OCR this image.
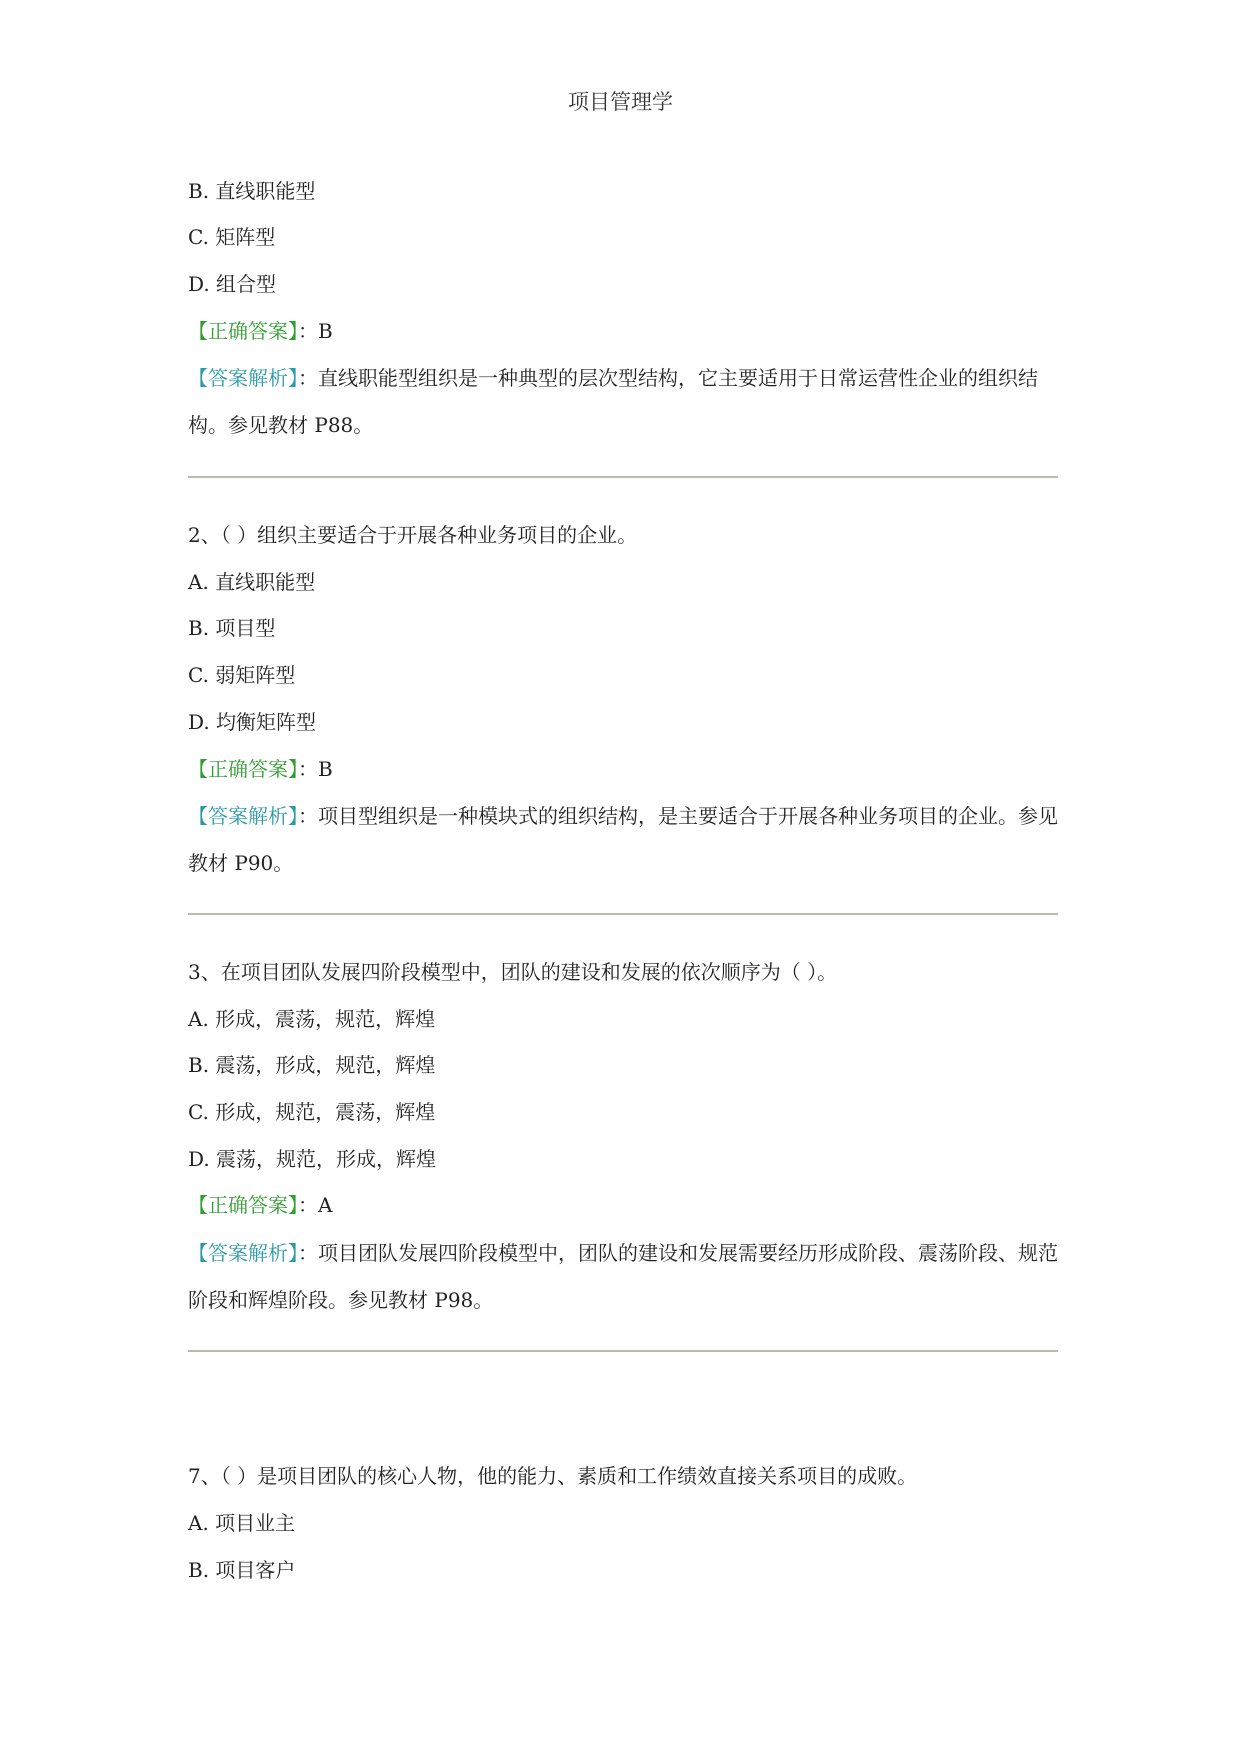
项目管理学
B. 直线职能型
C. 矩阵型
D. 组合型
【正确答案】：B
【答案解析】：直线职能型组织是一种典型的层次型结构，它主要适用于日常运营性企业的组织结构。参见教材 P88。
2、（ ）组织主要适合于开展各种业务项目的企业。
A. 直线职能型
B. 项目型
C. 弱矩阵型
D. 均衡矩阵型
【正确答案】：B
【答案解析】：项目型组织是一种模块式的组织结构，是主要适合于开展各种业务项目的企业。参见教材 P90。
3、在项目团队发展四阶段模型中，团队的建设和发展的依次顺序为（ ）。
A. 形成，震荡，规范，辉煌
B. 震荡，形成，规范，辉煌
C. 形成，规范，震荡，辉煌
D. 震荡，规范，形成，辉煌
【正确答案】：A
【答案解析】：项目团队发展四阶段模型中，团队的建设和发展需要经历形成阶段、震荡阶段、规范阶段和辉煌阶段。参见教材 P98。
7、（ ）是项目团队的核心人物，他的能力、素质和工作绩效直接关系项目的成败。
A. 项目业主
B. 项目客户
